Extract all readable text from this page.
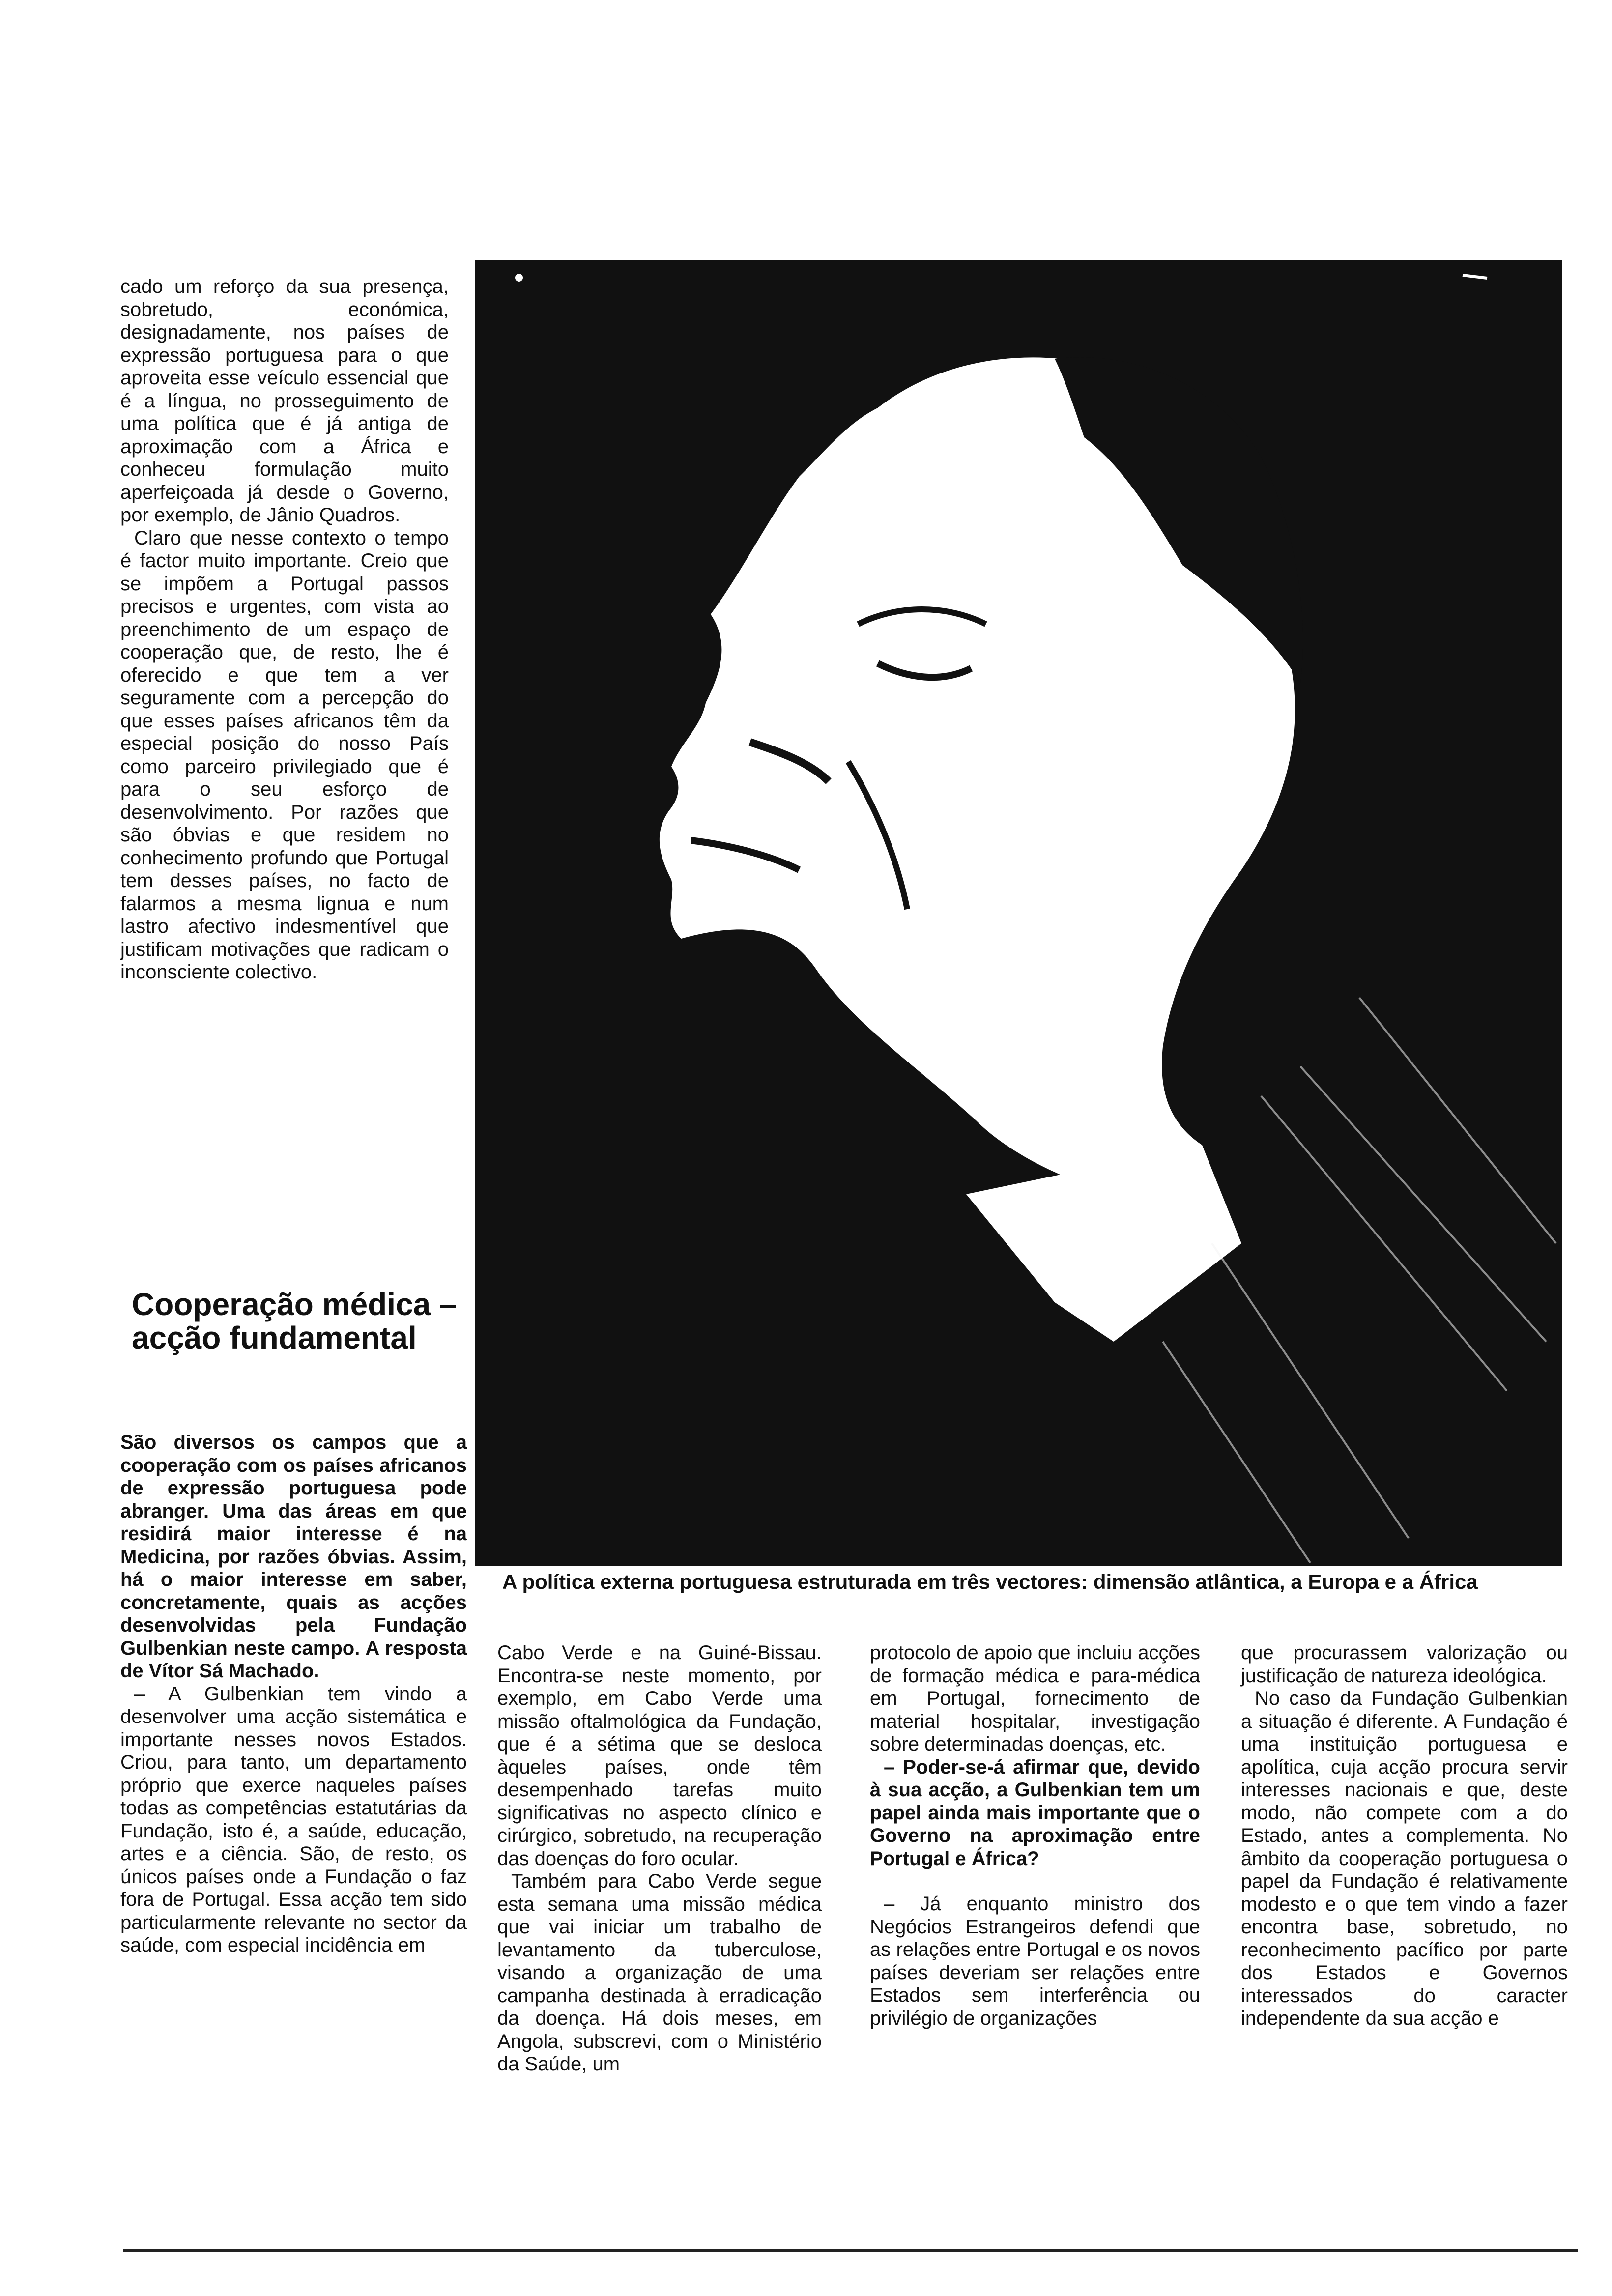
cado um reforço da sua presença, sobretudo, económica, designadamente, nos países de expressão portuguesa para o que aproveita esse veículo essencial que é a língua, no prosseguimento de uma política que é já antiga de aproximação com a África e conheceu formulação muito aperfeiçoada já desde o Governo, por exemplo, de Jânio Quadros.

Claro que nesse contexto o tempo é factor muito importante. Creio que se impõem a Portugal passos precisos e urgentes, com vista ao preenchimento de um espaço de cooperação que, de resto, lhe é oferecido e que tem a ver seguramente com a percepção do que esses países africanos têm da especial posição do nosso País como parceiro privilegiado que é para o seu esforço de desenvolvimento. Por razões que são óbvias e que residem no conhecimento profundo que Portugal tem desses países, no facto de falarmos a mesma lignua e num lastro afectivo indesmentível que justificam motivações que radicam o inconsciente colectivo.

Cooperação médica – acção fundamental

São diversos os campos que a cooperação com os países africanos de expressão portuguesa pode abranger. Uma das áreas em que residirá maior interesse é na Medicina, por razões óbvias. Assim, há o maior interesse em saber, concretamente, quais as acções desenvolvidas pela Fundação Gulbenkian neste campo. A resposta de Vítor Sá Machado.

– A Gulbenkian tem vindo a desenvolver uma acção sistemática e importante nesses novos Estados. Criou, para tanto, um departamento próprio que exerce naqueles países todas as competências estatutárias da Fundação, isto é, a saúde, educação, artes e a ciência. São, de resto, os únicos países onde a Fundação o faz fora de Portugal. Essa acção tem sido particularmente relevante no sector da saúde, com especial incidência em

A política externa portuguesa estruturada em três vectores: dimensão atlântica, a Europa e a África

Cabo Verde e na Guiné-Bissau. Encontra-se neste momento, por exemplo, em Cabo Verde uma missão oftalmológica da Fundação, que é a sétima que se desloca àqueles países, onde têm desempenhado tarefas muito significativas no aspecto clínico e cirúrgico, sobretudo, na recuperação das doenças do foro ocular.

Também para Cabo Verde segue esta semana uma missão médica que vai iniciar um trabalho de levantamento da tuberculose, visando a organização de uma campanha destinada à erradicação da doença. Há dois meses, em Angola, subscrevi, com o Ministério da Saúde, um

protocolo de apoio que incluiu acções de formação médica e para-médica em Portugal, fornecimento de material hospitalar, investigação sobre determinadas doenças, etc.

– Poder-se-á afirmar que, devido à sua acção, a Gulbenkian tem um papel ainda mais importante que o Governo na aproximação entre Portugal e África?

– Já enquanto ministro dos Negócios Estrangeiros defendi que as relações entre Portugal e os novos países deveriam ser relações entre Estados sem interferência ou privilégio de organizações

que procurassem valorização ou justificação de natureza ideológica.

No caso da Fundação Gulbenkian a situação é diferente. A Fundação é uma instituição portuguesa e apolítica, cuja acção procura servir interesses nacionais e que, deste modo, não compete com a do Estado, antes a complementa. No âmbito da cooperação portuguesa o papel da Fundação é relativamente modesto e o que tem vindo a fazer encontra base, sobretudo, no reconhecimento pacífico por parte dos Estados e Governos interessados do caracter independente da sua acção e
